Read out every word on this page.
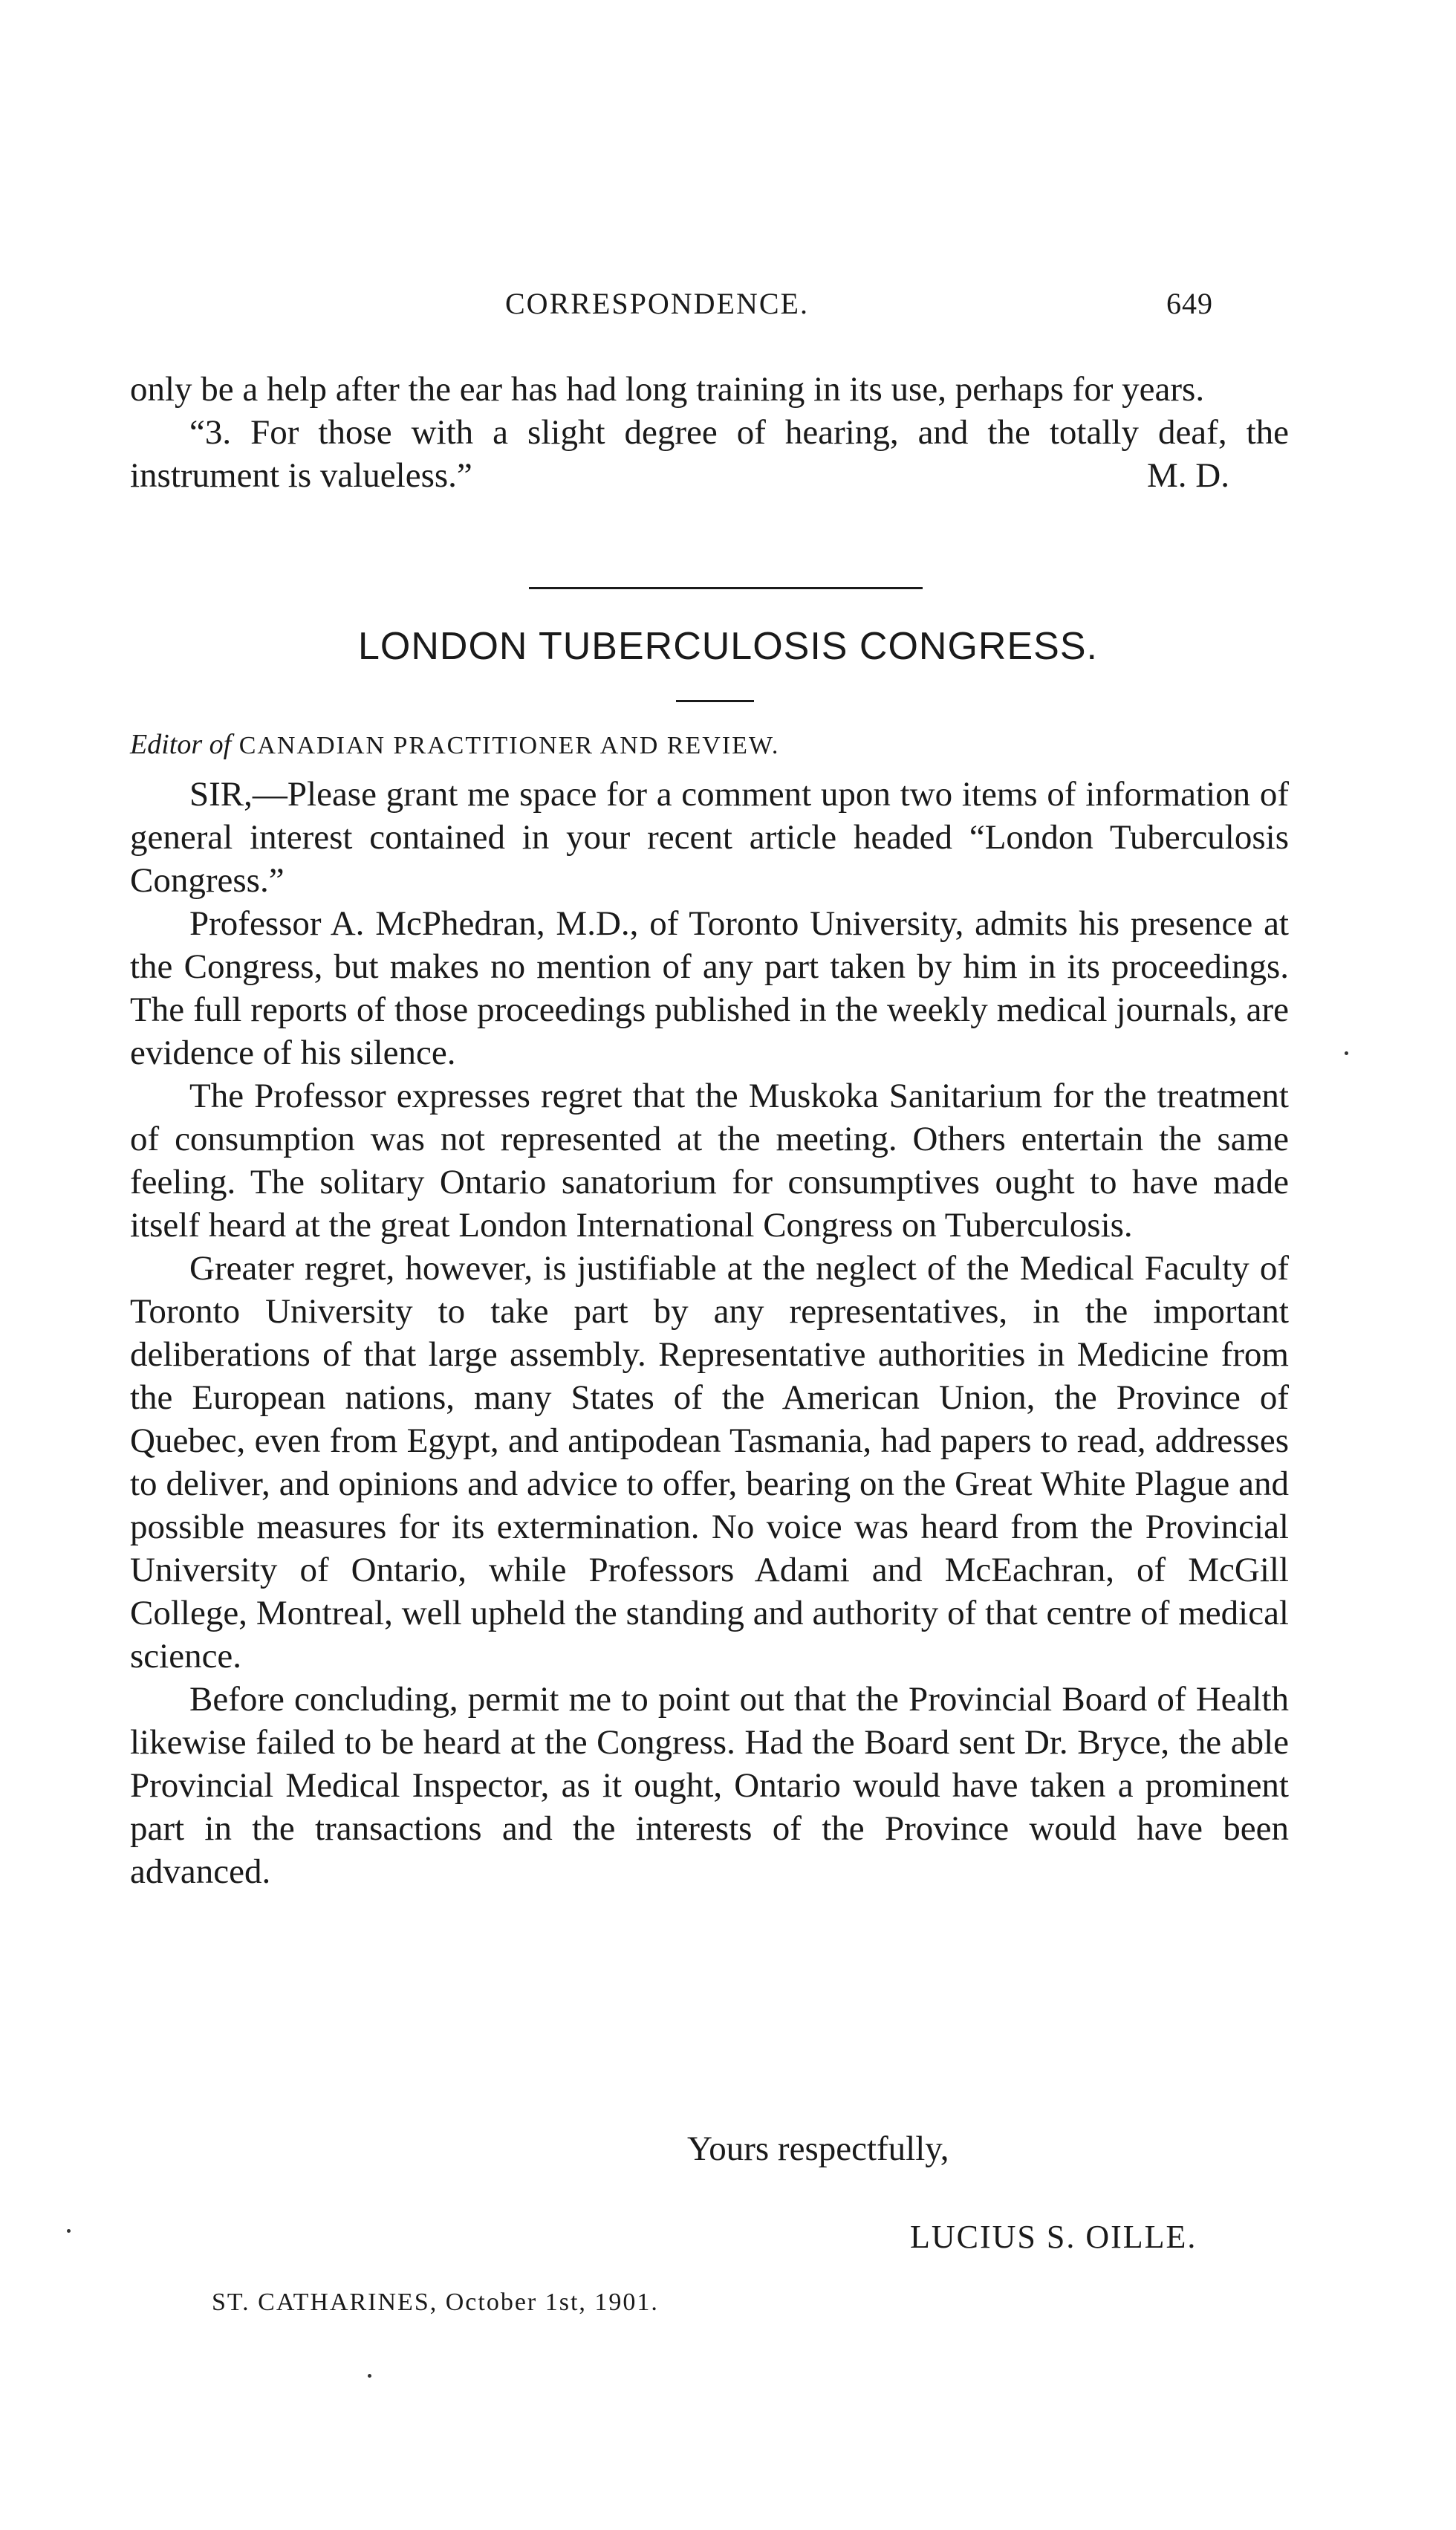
CORRESPONDENCE.	649

only be a help after the ear has had long training in its use, perhaps for years.

“3. For those with a slight degree of hearing, and the totally deaf, the instrument is valueless.”	M. D.

LONDON TUBERCULOSIS CONGRESS.
Editor of CANADIAN PRACTITIONER AND REVIEW.

SIR,—Please grant me space for a comment upon two items of information of general interest contained in your recent article headed “London Tuberculosis Congress.”

Professor A. McPhedran, M.D., of Toronto University, admits his presence at the Congress, but makes no mention of any part taken by him in its proceedings. The full reports of those proceedings published in the weekly medical journals, are evidence of his silence.

The Professor expresses regret that the Muskoka Sanitarium for the treatment of consumption was not represented at the meeting. Others entertain the same feeling. The solitary Ontario sanatorium for consumptives ought to have made itself heard at the great London International Congress on Tuberculosis.

Greater regret, however, is justifiable at the neglect of the Medical Faculty of Toronto University to take part by any representatives, in the important deliberations of that large assembly. Representative authorities in Medicine from the European nations, many States of the American Union, the Province of Quebec, even from Egypt, and antipodean Tasmania, had papers to read, addresses to deliver, and opinions and advice to offer, bearing on the Great White Plague and possible measures for its extermination. No voice was heard from the Provincial University of Ontario, while Professors Adami and McEachran, of McGill College, Montreal, well upheld the standing and authority of that centre of medical science.

Before concluding, permit me to point out that the Provincial Board of Health likewise failed to be heard at the Congress. Had the Board sent Dr. Bryce, the able Provincial Medical Inspector, as it ought, Ontario would have taken a prominent part in the transactions and the interests of the Province would have been advanced.

Yours respectfully,
LUCIUS S. OILLE.
ST. CATHARINES, October 1st, 1901.
